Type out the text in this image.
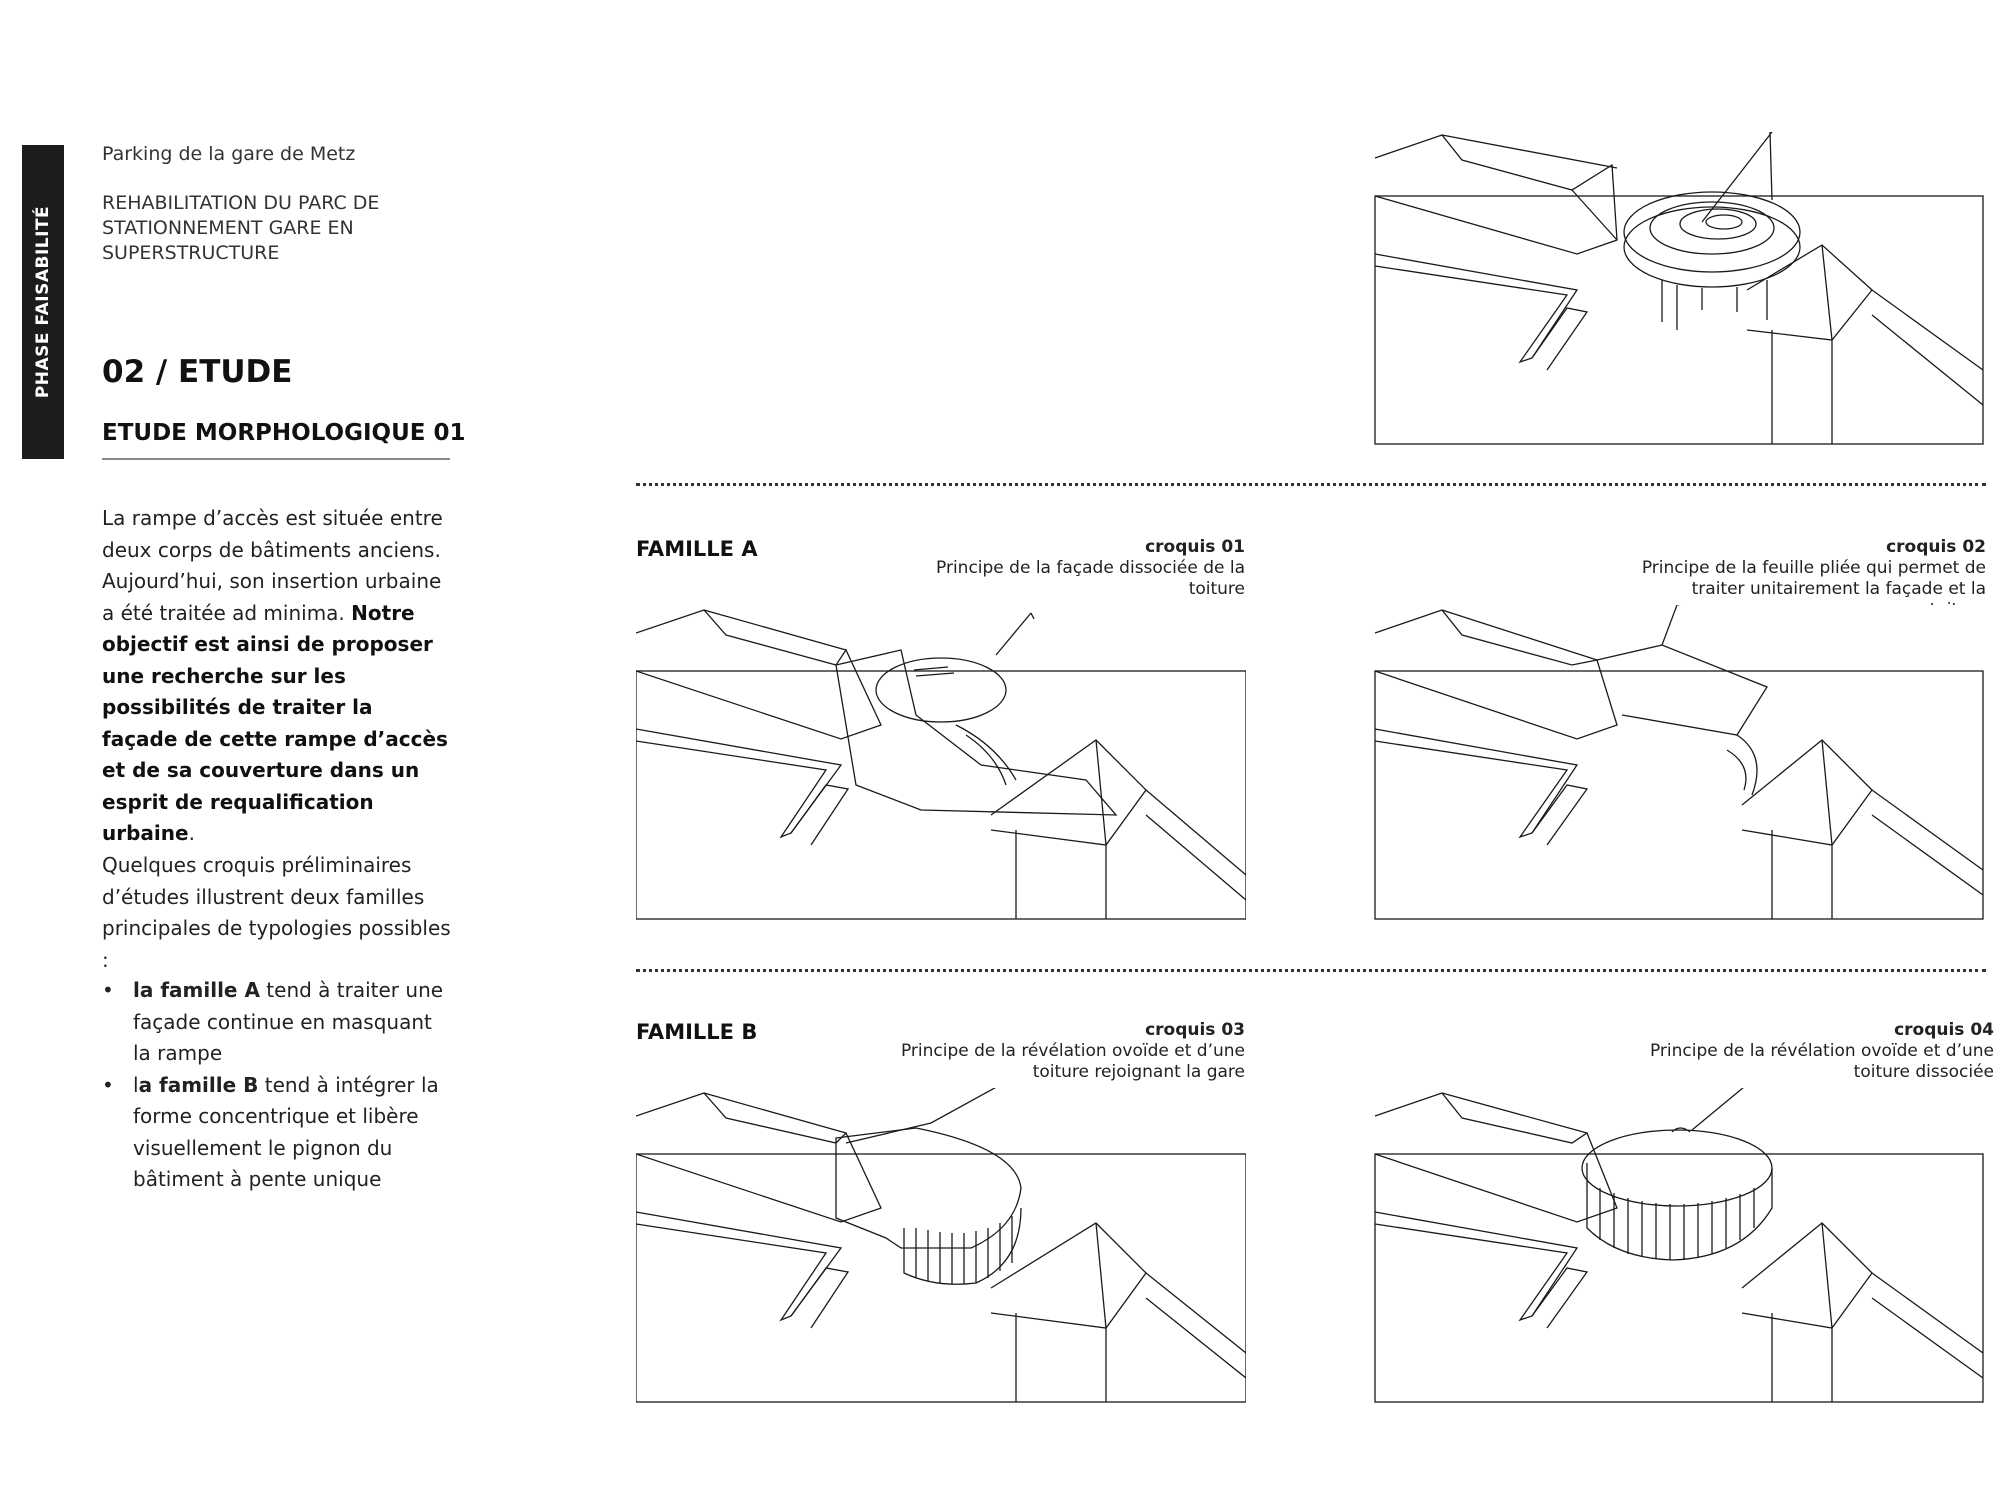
PHASE FAISABILITÉ
Parking de la gare de Metz
REHABILITATION DU PARC DE STATIONNEMENT GARE EN SUPERSTRUCTURE
02 / ETUDE
ETUDE MORPHOLOGIQUE 01
La rampe d’accès est située entre deux corps de bâtiments anciens. Aujourd’hui, son insertion urbaine a été traitée ad minima. Notre objectif est ainsi de proposer une recherche sur les possibilités de traiter la façade de cette rampe d’accès et de sa couverture dans un esprit de requalification urbaine.
Quelques croquis préliminaires d’études illustrent deux familles principales de typologies possibles :
• la famille A tend à traiter une façade continue en masquant la rampe
• la famille B tend à intégrer la forme concentrique et libère visuellement le pignon du bâtiment à pente unique
ETAT EXISTANT
FAMILLE A	croquis 01
Principe de la façade dissociée de la toiture
croquis 02
Principe de la feuille pliée qui permet de traiter unitairement la façade et la toiture
FAMILLE B	croquis 03
Principe de la révélation ovoïde et d’une toiture rejoignant la gare
croquis 04
Principe de la révélation ovoïde et d’une toiture dissociée
